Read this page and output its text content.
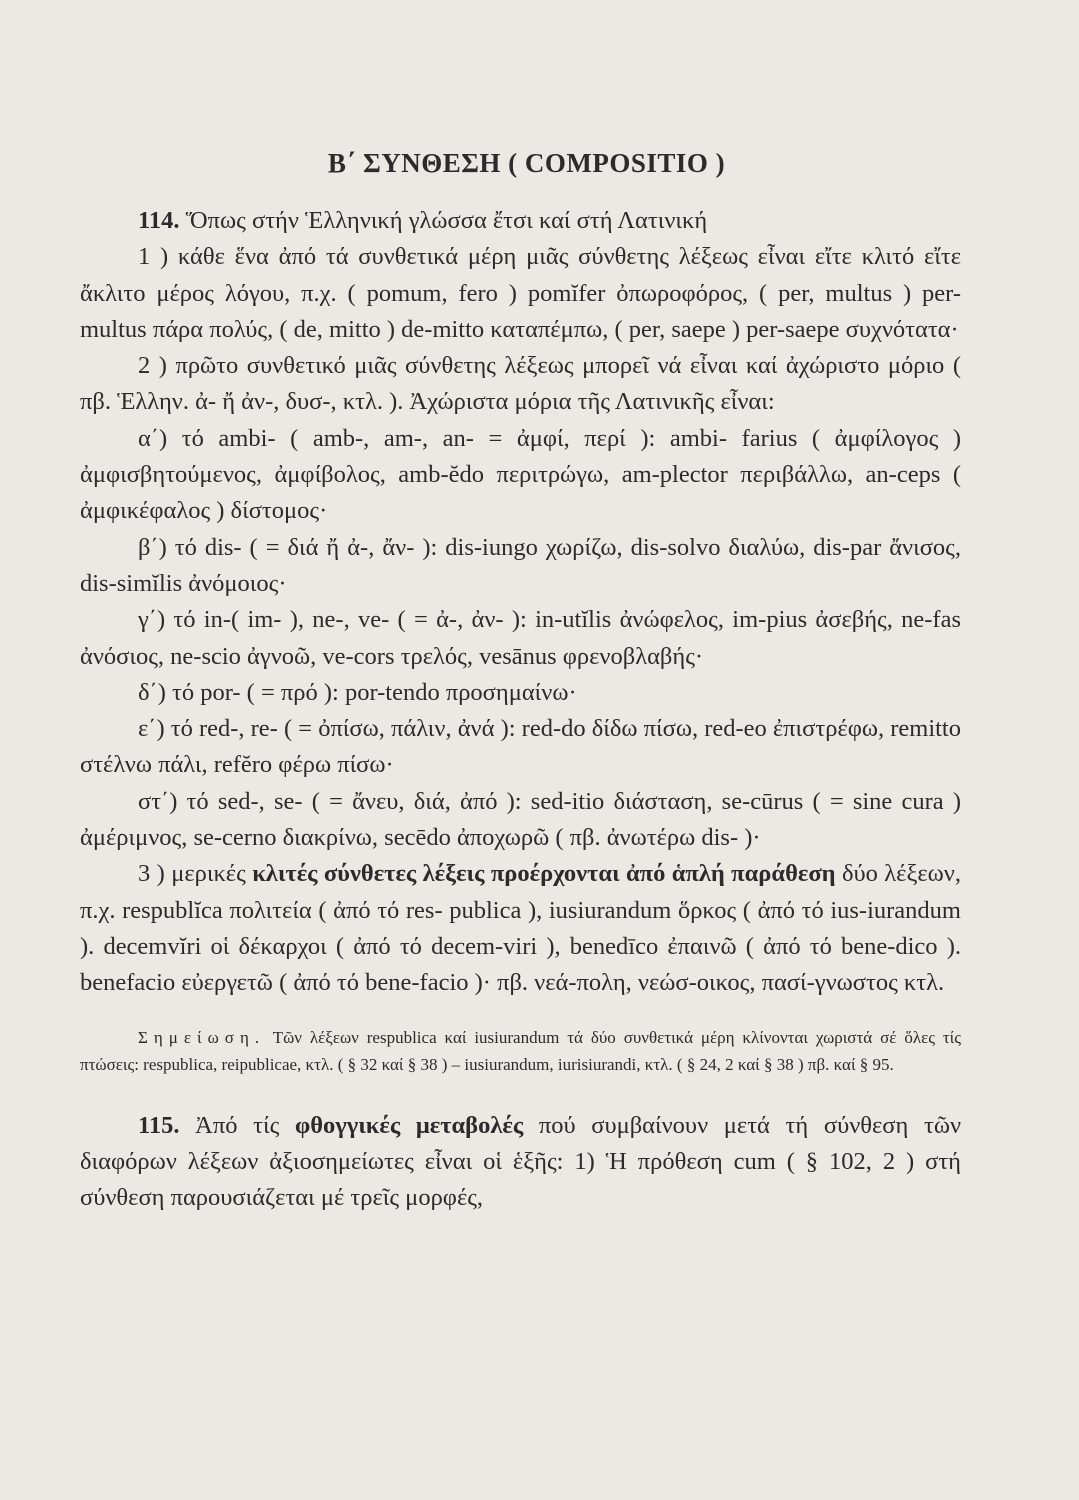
Β΄ ΣΥΝΘΕΣΗ ( COMPOSITIO )

114. Ὅπως στήν Ἑλληνική γλώσσα ἔτσι καί στή Λατινική

1 ) κάθε ἕνα ἀπό τά συνθετικά μέρη μιᾶς σύνθετης λέξεως εἶναι εἴτε κλιτό εἴτε ἄκλιτο μέρος λόγου, π.χ. ( pomum, fero ) pomĭfer ὀπωροφόρος, ( per, multus ) per-multus πάρα πολύς, ( de, mitto ) de-mitto καταπέμπω, ( per, saepe ) per-saepe συχνότατα·

2 ) πρῶτο συνθετικό μιᾶς σύνθετης λέξεως μπορεῖ νά εἶναι καί ἀχώριστο μόριο ( πβ. Ἑλλην. ἀ- ἤ ἀν-, δυσ-, κτλ. ). Ἀχώριστα μόρια τῆς Λατινικῆς εἶναι:

α΄) τό ambi- ( amb-, am-, an- = ἀμφί, περί ): ambi- farius ( ἀμφίλογος ) ἀμφισβητούμενος, ἀμφίβολος, amb-ĕdo περιτρώγω, am-plector περιβάλλω, an-ceps ( ἀμφικέφαλος ) δίστομος·

β΄) τό dis- ( = διά ἤ ἀ-, ἄν- ): dis-iungo χωρίζω, dis-solvo διαλύω, dis-par ἄνισος, dis-simĭlis ἀνόμοιος·

γ΄) τό in-( im- ), ne-, ve- ( = ἀ-, ἀν- ): in-utĭlis ἀνώφελος, im-pius ἀσεβής, ne-fas ἀνόσιος, ne-scio ἀγνοῶ, ve-cors τρελός, vesānus φρενοβλαβής·

δ΄) τό por- ( = πρό ): por-tendo προσημαίνω·

ε΄) τό red-, re- ( = ὀπίσω, πάλιν, ἀνά ): red-do δίδω πίσω, red-eo ἐπιστρέφω, remitto στέλνω πάλι, refĕro φέρω πίσω·

στ΄) τό sed-, se- ( = ἄνευ, διά, ἀπό ): sed-itio διάσταση, se-cūrus ( = sine cura ) ἀμέριμνος, se-cerno διακρίνω, secēdo ἀποχωρῶ ( πβ. ἀνωτέρω dis- )·

3 ) μερικές κλιτές σύνθετες λέξεις προέρχονται ἀπό ἁπλή παράθεση δύο λέξεων, π.χ. respublĭca πολιτεία ( ἀπό τό res- publica ), iusiurandum ὅρκος ( ἀπό τό ius-iurandum ). decemvĭri οἱ δέκαρχοι ( ἀπό τό decem-viri ), benedīco ἐπαινῶ ( ἀπό τό bene-dico ). benefacio εὐεργετῶ ( ἀπό τό bene-facio )· πβ. νεά-πολη, νεώσ-οικος, πασί-γνωστος κτλ.

Σημείωση. Τῶν λέξεων respublica καί iusiurandum τά δύο συνθετικά μέρη κλίνονται χωριστά σέ ὅλες τίς πτώσεις: respublica, reipublicae, κτλ. ( § 32 καί § 38 ) – iusiurandum, iurisiurandi, κτλ. ( § 24, 2 καί § 38 ) πβ. καί § 95.

115. Ἀπό τίς φθογγικές μεταβολές πού συμβαίνουν μετά τή σύνθεση τῶν διαφόρων λέξεων ἀξιοσημείωτες εἶναι οἱ ἑξῆς: 1) Ἡ πρόθεση cum ( § 102, 2 ) στή σύνθεση παρουσιάζεται μέ τρεῖς μορφές,
